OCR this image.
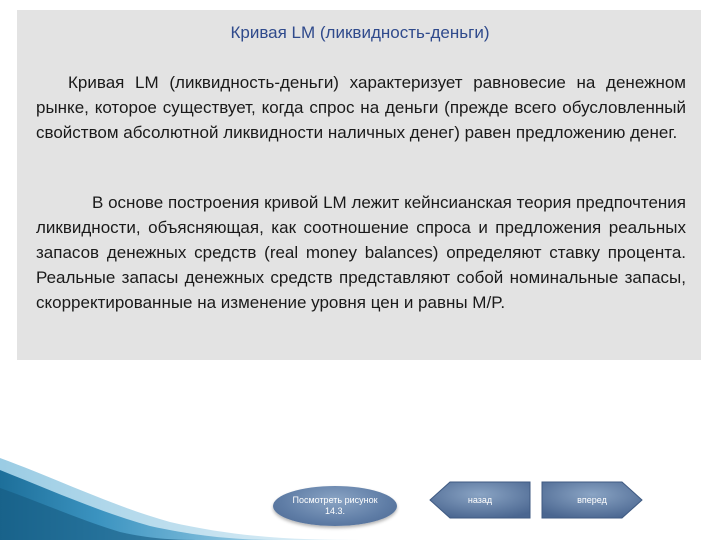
Кривая LM (ликвидность-деньги)

Кривая LM (ликвидность-деньги) характеризует равновесие на денежном рынке, которое существует, когда спрос на деньги (прежде всего обусловленный свойством абсолютной ликвидности наличных денег) равен предложению денег.

В основе построения кривой LM лежит кейнсианская теория предпочтения ликвидности, объясняющая, как соотношение спроса и предложения реальных запасов денежных средств (real money balances) определяют ставку процента. Реальные запасы денежных средств представляют собой номинальные запасы, скорректированные на изменение уровня цен и равны M/P.

Посмотреть рисунок 14.3.
назад	вперед
